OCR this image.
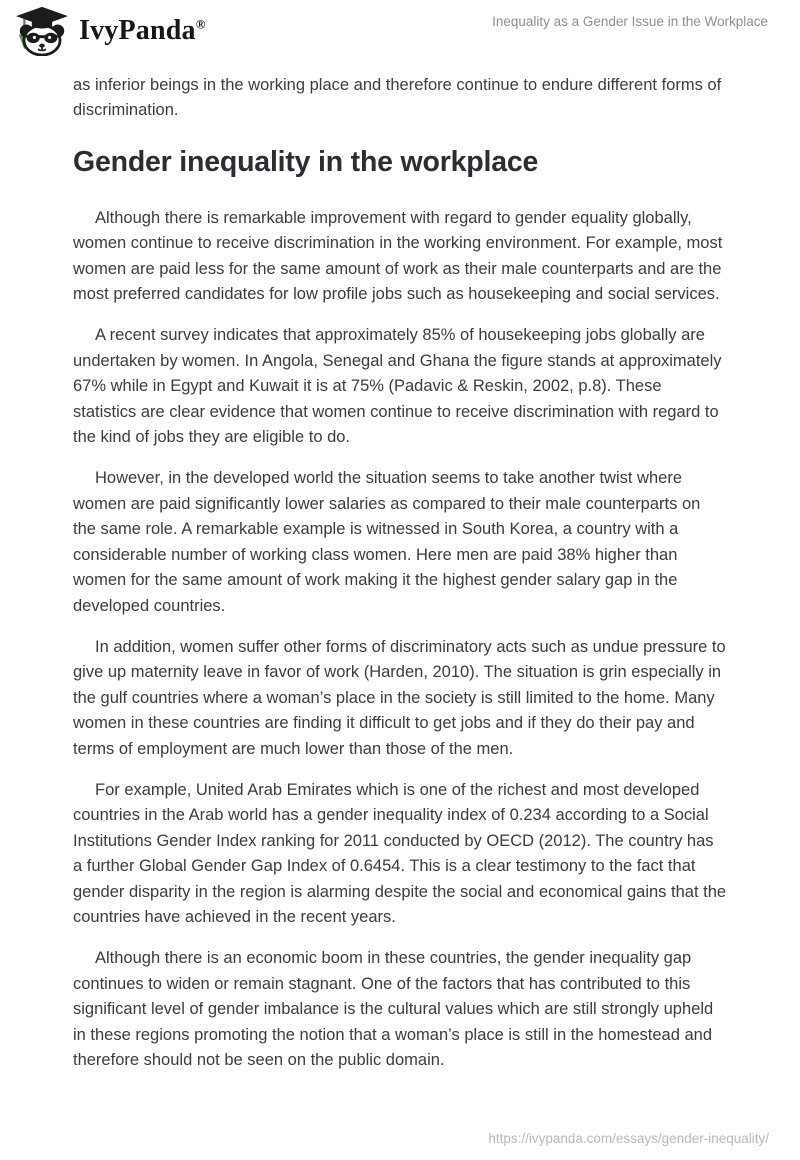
IvyPanda®	Inequality as a Gender Issue in the Workplace

as inferior beings in the working place and therefore continue to endure different forms of discrimination.

Gender inequality in the workplace

Although there is remarkable improvement with regard to gender equality globally, women continue to receive discrimination in the working environment. For example, most women are paid less for the same amount of work as their male counterparts and are the most preferred candidates for low profile jobs such as housekeeping and social services.

A recent survey indicates that approximately 85% of housekeeping jobs globally are undertaken by women. In Angola, Senegal and Ghana the figure stands at approximately 67% while in Egypt and Kuwait it is at 75% (Padavic & Reskin, 2002, p.8). These statistics are clear evidence that women continue to receive discrimination with regard to the kind of jobs they are eligible to do.

However, in the developed world the situation seems to take another twist where women are paid significantly lower salaries as compared to their male counterparts on the same role. A remarkable example is witnessed in South Korea, a country with a considerable number of working class women. Here men are paid 38% higher than women for the same amount of work making it the highest gender salary gap in the developed countries.

In addition, women suffer other forms of discriminatory acts such as undue pressure to give up maternity leave in favor of work (Harden, 2010). The situation is grin especially in the gulf countries where a woman’s place in the society is still limited to the home. Many women in these countries are finding it difficult to get jobs and if they do their pay and terms of employment are much lower than those of the men.

For example, United Arab Emirates which is one of the richest and most developed countries in the Arab world has a gender inequality index of 0.234 according to a Social Institutions Gender Index ranking for 2011 conducted by OECD (2012). The country has a further Global Gender Gap Index of 0.6454. This is a clear testimony to the fact that gender disparity in the region is alarming despite the social and economical gains that the countries have achieved in the recent years.

Although there is an economic boom in these countries, the gender inequality gap continues to widen or remain stagnant. One of the factors that has contributed to this significant level of gender imbalance is the cultural values which are still strongly upheld in these regions promoting the notion that a woman’s place is still in the homestead and therefore should not be seen on the public domain.

https://ivypanda.com/essays/gender-inequality/
